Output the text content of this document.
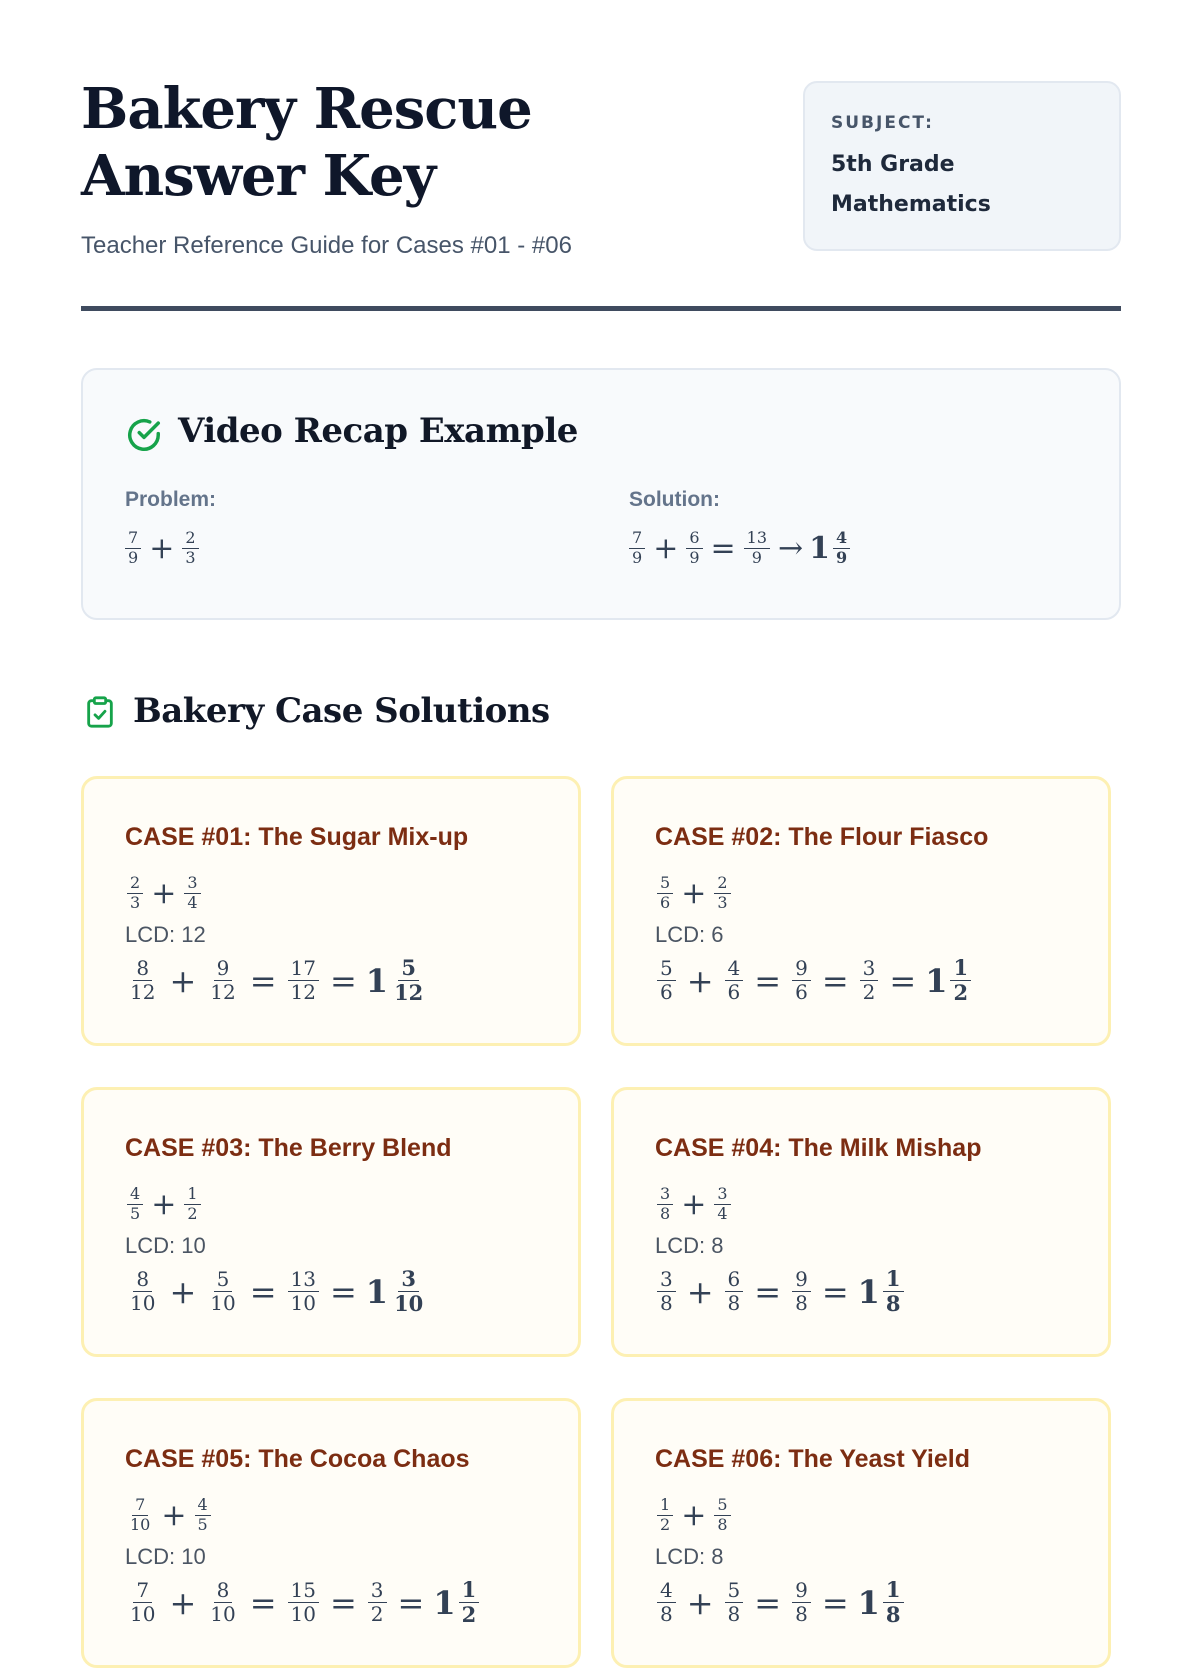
Bakery Rescue Answer Key

Teacher Reference Guide for Cases #01 - #06

SUBJECT:

5th Grade

Mathematics

Video Recap Example
Problem:
$\frac{7}{9} + \frac{2}{3}$
Solution:
$\frac{7}{9} + \frac{6}{9} = \frac{13}{9} \to 1 \frac{4}{9}$
Bakery Case Solutions
CASE #01: The Sugar Mix-up
$\frac{2}{3} + \frac{3}{4}$
LCD: 12
$\frac{8}{12} + \frac{9}{12} = \frac{17}{12} = 1 \frac{5}{12}$
CASE #02: The Flour Fiasco
$\frac{5}{6} + \frac{2}{3}$
LCD: 6
$\frac{5}{6} + \frac{4}{6} = \frac{9}{6} = \frac{3}{2} = 1 \frac{1}{2}$
CASE #03: The Berry Blend
$\frac{4}{5} + \frac{1}{2}$
LCD: 10
$\frac{8}{10} + \frac{5}{10} = \frac{13}{10} = 1 \frac{3}{10}$
CASE #04: The Milk Mishap
$\frac{3}{8} + \frac{3}{4}$
LCD: 8
$\frac{3}{8} + \frac{6}{8} = \frac{9}{8} = 1 \frac{1}{8}$
CASE #05: The Cocoa Chaos
$\frac{7}{10} + \frac{4}{5}$
LCD: 10
$\frac{7}{10} + \frac{8}{10} = \frac{15}{10} = \frac{3}{2} = 1 \frac{1}{2}$
CASE #06: The Yeast Yield
$\frac{1}{2} + \frac{5}{8}$
LCD: 8
$\frac{4}{8} + \frac{5}{8} = \frac{9}{8} = 1 \frac{1}{8}$
